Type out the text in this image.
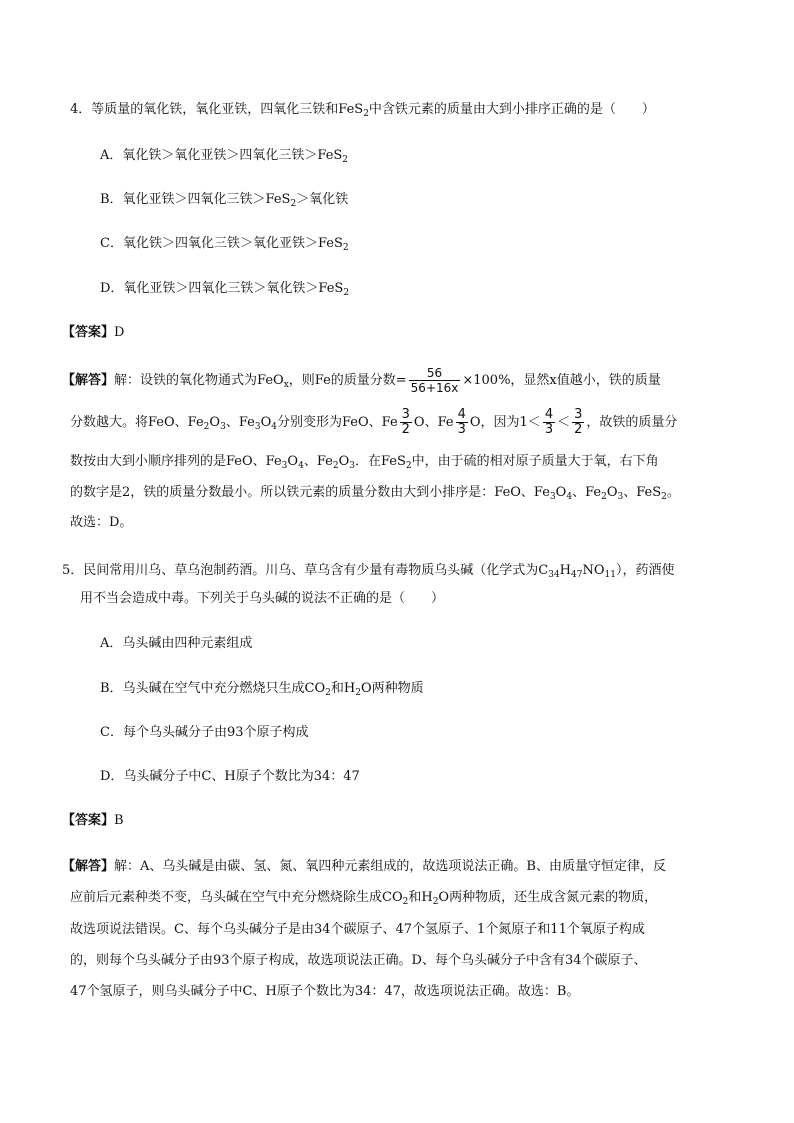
4．等质量的氧化铁，氧化亚铁，四氧化三铁和FeS$_2$中含铁元素的质量由大到小排序正确的是（　　）
A．氧化铁＞氧化亚铁＞四氧化三铁＞FeS$_2$
B．氧化亚铁＞四氧化三铁＞FeS$_2$＞氧化铁
C．氧化铁＞四氧化三铁＞氧化亚铁＞FeS$_2$
D．氧化亚铁＞四氧化三铁＞氧化铁＞FeS$_2$
【答案】D
【解答】解：设铁的氧化物通式为FeO$_x$，则Fe的质量分数= $\frac{56}{56+16x} \times 100\%$，显然x值越小，铁的质量
分数越大。将FeO、$Fe_2O_3$、$Fe_3O_4$分别变形为FeO、Fe $\frac{3}{2}$ O、Fe $\frac{4}{3}$ O，因为$1< \frac{4}{3} < \frac{3}{2}$ ，故铁的质量分
数按由大到小顺序排列的是FeO、$Fe_3O_4$、$Fe_2O_3$．在FeS$_2$中，由于硫的相对原子质量大于氧，右下角
的数字是2，铁的质量分数最小。所以铁元素的质量分数由大到小排序是：FeO、$Fe_3O_4$、$Fe_2O_3$、FeS$_2$。
故选：D。
5．民间常用川乌、草乌泡制药酒。川乌、草乌含有少量有毒物质乌头碱（化学式为$C_{34}H_{47}NO_{11}$），药酒使
用不当会造成中毒。下列关于乌头碱的说法不正确的是（　　）
A．乌头碱由四种元素组成
B．乌头碱在空气中充分燃烧只生成$CO_2$和$H_2O$两种物质
C．每个乌头碱分子由93个原子构成
D．乌头碱分子中C、H原子个数比为34：47
【答案】B
【解答】解：A、乌头碱是由碳、氢、氮、氧四种元素组成的，故选项说法正确。B、由质量守恒定律，反
应前后元素种类不变，乌头碱在空气中充分燃烧除生成$CO_2$和$H_2O$两种物质，还生成含氮元素的物质，
故选项说法错误。C、每个乌头碱分子是由34个碳原子、47个氢原子、1个氮原子和11个氧原子构成
的，则每个乌头碱分子由93个原子构成，故选项说法正确。D、每个乌头碱分子中含有34个碳原子、
47个氢原子，则乌头碱分子中C、H原子个数比为34：47，故选项说法正确。故选：B。
